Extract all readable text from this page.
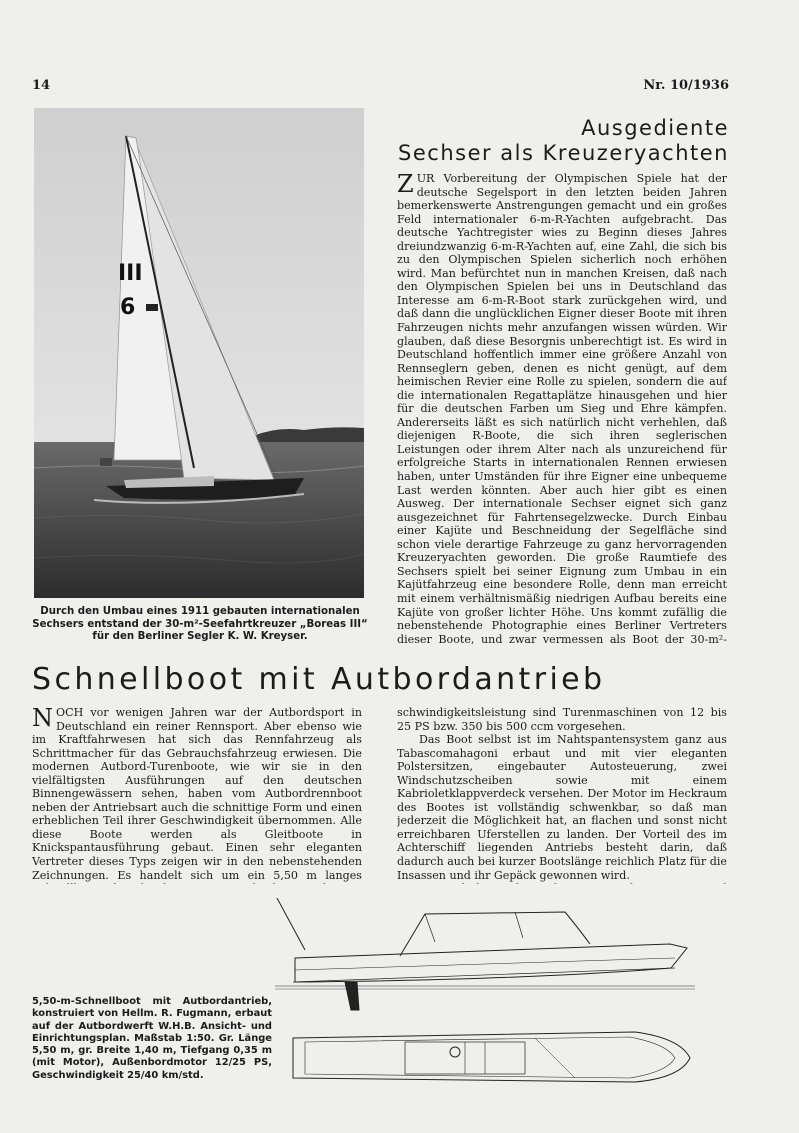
14	Nr. 10/1936
III
6
Durch den Umbau eines 1911 gebauten internationalen Sechsers entstand der 30-m²-Seefahrtkreuzer „Boreas III“ für den Berliner Segler K. W. Kreyser.
Ausgediente
Sechser als Kreuzeryachten
ZUR Vorbereitung der Olympischen Spiele hat der deutsche Segelsport in den letzten beiden Jahren bemerkenswerte Anstrengungen gemacht und ein großes Feld internationaler 6-m-R-Yachten aufgebracht. Das deutsche Yachtregister wies zu Beginn dieses Jahres dreiundzwanzig 6-m-R-Yachten auf, eine Zahl, die sich bis zu den Olympischen Spielen sicherlich noch erhöhen wird. Man befürchtet nun in manchen Kreisen, daß nach den Olympischen Spielen bei uns in Deutschland das Interesse am 6-m-R-Boot stark zurückgehen wird, und daß dann die unglücklichen Eigner dieser Boote mit ihren Fahrzeugen nichts mehr anzufangen wissen würden. Wir glauben, daß diese Besorgnis unberechtigt ist. Es wird in Deutschland hoffentlich immer eine größere Anzahl von Rennseglern geben, denen es nicht genügt, auf dem heimischen Revier eine Rolle zu spielen, sondern die auf die internationalen Regattaplätze hinausgehen und hier für die deutschen Farben um Sieg und Ehre kämpfen. Andererseits läßt es sich natürlich nicht verhehlen, daß diejenigen R-Boote, die sich ihren seglerischen Leistungen oder ihrem Alter nach als unzureichend für erfolgreiche Starts in internationalen Rennen erwiesen haben, unter Umständen für ihre Eigner eine unbequeme Last werden könnten. Aber auch hier gibt es einen Ausweg. Der internationale Sechser eignet sich ganz ausgezeichnet für Fahrtensegelzwecke. Durch Einbau einer Kajüte und Beschneidung der Segelfläche sind schon viele derartige Fahrzeuge zu ganz hervorragenden Kreuzeryachten geworden. Die große Raumtiefe des Sechsers spielt bei seiner Eignung zum Umbau in ein Kajütfahrzeug eine besondere Rolle, denn man erreicht mit einem verhältnismäßig niedrigen Aufbau bereits eine Kajüte von großer lichter Höhe. Uns kommt zufällig die nebenstehende Photographie eines Berliner Vertreters dieser Boote, und zwar vermessen als Boot der 30-m²-
Schnellboot mit Autbordantrieb
NOCH vor wenigen Jahren war der Autbordsport in Deutschland ein reiner Rennsport. Aber ebenso wie im Kraftfahrwesen hat sich das Rennfahrzeug als Schrittmacher für das Gebrauchsfahrzeug erwiesen. Die modernen Autbord-Turenboote, wie wir sie in den vielfältigsten Ausführungen auf den deutschen Binnengewässern sehen, haben vom Autbordrennboot neben der Antriebsart auch die schnittige Form und einen erheblichen Teil ihrer Geschwindigkeit übernommen. Alle diese Boote werden als Gleitboote in Knickspantausführung gebaut. Einen sehr eleganten Vertreter dieses Typs zeigen wir in den nebenstehenden Zeichnungen. Es handelt sich um ein 5,50 m langes

schwindigkeitsleistung sind Turenmaschinen von 12 bis 25 PS bzw. 350 bis 500 ccm vorgesehen.

Das Boot selbst ist im Nahtspantensystem ganz aus Tabascomahagoni erbaut und mit vier eleganten Polstersitzen, eingebauter Autosteuerung, zwei Windschutzscheiben sowie mit einem Kabrioletklappverdeck versehen. Der Motor im Heckraum des Bootes ist vollständig schwenkbar, so daß man jederzeit die Möglichkeit hat, an flachen und sonst nicht erreichbaren Uferstellen zu landen. Der Vorteil des im Achterschiff liegenden Antriebs besteht darin, daß dadurch auch bei kurzer Bootslänge reichlich Platz für die Insassen und ihr Gepäck gewonnen wird.

5,50-m-Schnellboot mit Autbordantrieb, konstruiert von Hellm. R. Fugmann, erbaut auf der Autbordwerft W.H.B. Ansicht- und Einrichtungsplan. Maßstab 1:50. Gr. Länge 5,50 m, gr. Breite 1,40 m, Tiefgang 0,35 m (mit Motor), Außenbordmotor 12/25 PS, Geschwindigkeit 25/40 km/std.
